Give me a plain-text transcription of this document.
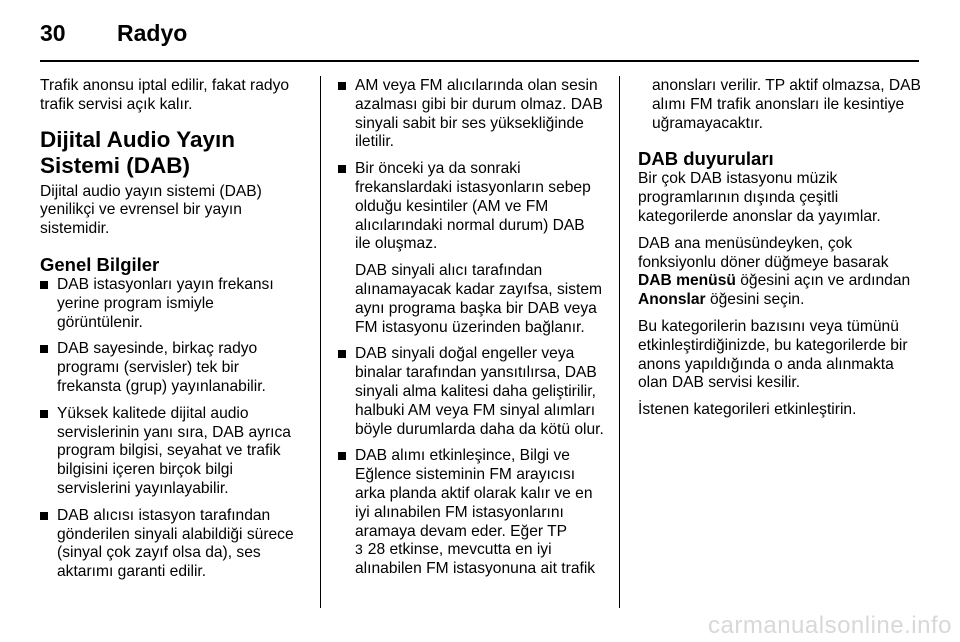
30 Radyo

Trafik anonsu iptal edilir, fakat radyo trafik servisi açık kalır.

Dijital Audio Yayın Sistemi (DAB)

Dijital audio yayın sistemi (DAB) yenilikçi ve evrensel bir yayın sistemidir.

Genel Bilgiler
DAB istasyonları yayın frekansı yerine program ismiyle görüntülenir.
DAB sayesinde, birkaç radyo programı (servisler) tek bir frekansta (grup) yayınlanabilir.
Yüksek kalitede dijital audio servislerinin yanı sıra, DAB ayrıca program bilgisi, seyahat ve trafik bilgisini içeren birçok bilgi servislerini yayınlayabilir.
DAB alıcısı istasyon tarafından gönderilen sinyali alabildiği sürece (sinyal çok zayıf olsa da), ses aktarımı garanti edilir.
AM veya FM alıcılarında olan sesin azalması gibi bir durum olmaz. DAB sinyali sabit bir ses yüksekliğinde iletilir.
Bir önceki ya da sonraki frekanslardaki istasyonların sebep olduğu kesintiler (AM ve FM alıcılarındaki normal durum) DAB ile oluşmaz.

DAB sinyali alıcı tarafından alınamayacak kadar zayıfsa, sistem aynı programa başka bir DAB veya FM istasyonu üzerinden bağlanır.

DAB sinyali doğal engeller veya binalar tarafından yansıtılırsa, DAB sinyali alma kalitesi daha geliştirilir, halbuki AM veya FM sinyal alımları böyle durumlarda daha da kötü olur.
DAB alımı etkinleşince, Bilgi ve Eğlence sisteminin FM arayıcısı arka planda aktif olarak kalır ve en iyi alınabilen FM istasyonlarını aramaya devam eder. Eğer TP
3 28 etkinse, mevcutta en iyi alınabilen FM istasyonuna ait trafik

anonsları verilir. TP aktif olmazsa, DAB alımı FM trafik anonsları ile kesintiye uğramayacaktır.

DAB duyuruları

Bir çok DAB istasyonu müzik programlarının dışında çeşitli kategorilerde anonslar da yayımlar.

DAB ana menüsündeyken, çok fonksiyonlu döner düğmeye basarak DAB menüsü öğesini açın ve ardından Anonslar öğesini seçin.

Bu kategorilerin bazısını veya tümünü etkinleştirdiğinizde, bu kategorilerde bir anons yapıldığında o anda alınmakta olan DAB servisi kesilir.

İstenen kategorileri etkinleştirin.

carmanualsonline.info
